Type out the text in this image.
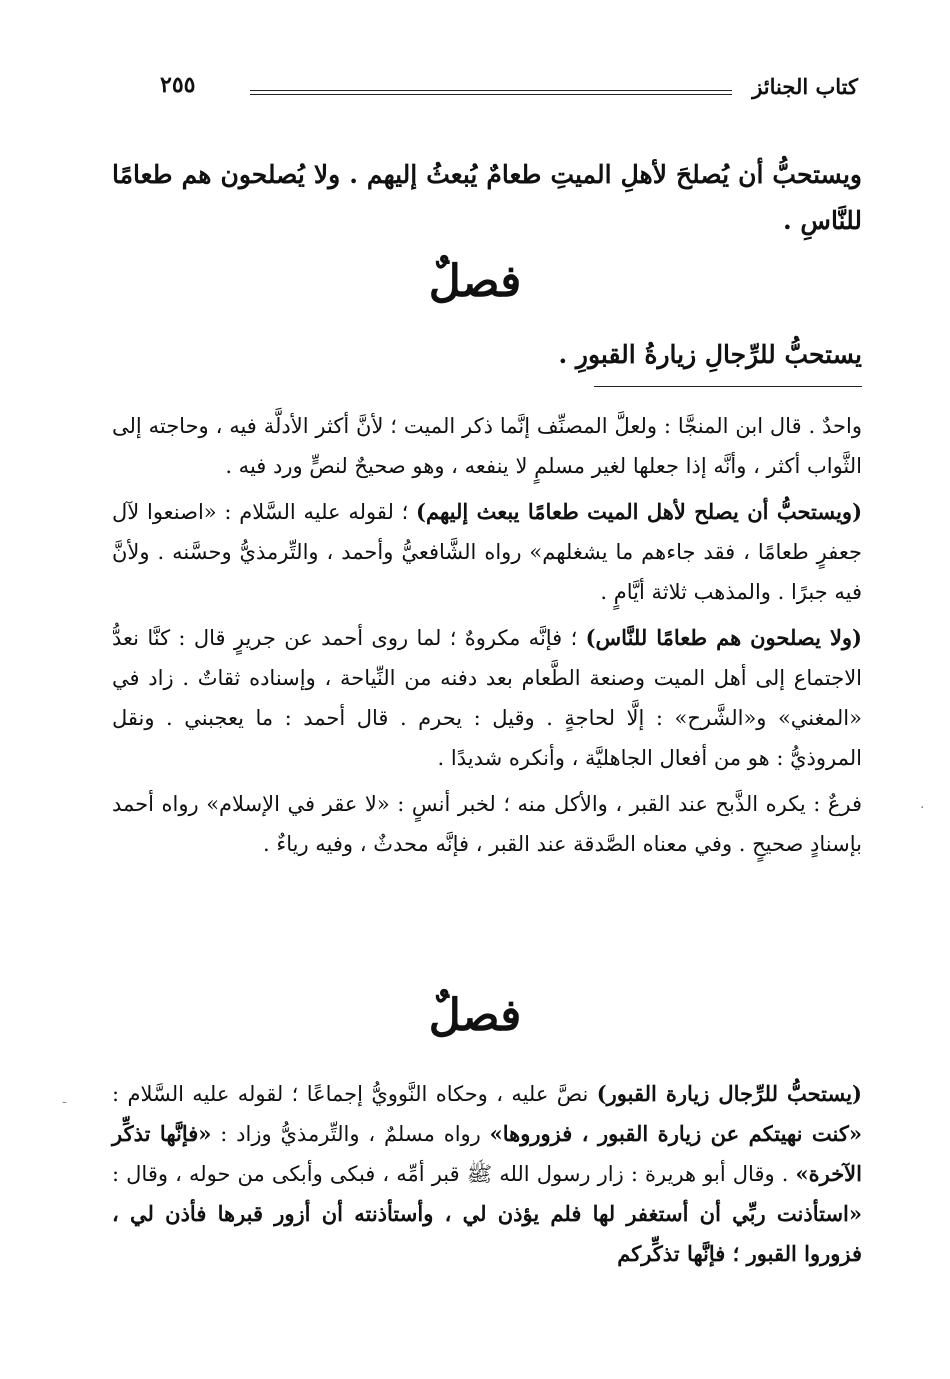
كتاب الجنائز
٢٥٥
ويستحبُّ أن يُصلحَ لأهلِ الميتِ طعامٌ يُبعثُ إليهم . ولا يُصلحون هم طعامًا للنَّاسِ .
فصلٌ
يستحبُّ للرِّجالِ زيارةُ القبورِ .

واحدٌ . قال ابن المنجَّا : ولعلَّ المصنِّف إنَّما ذكر الميت ؛ لأنَّ أكثر الأدلَّة فيه ، وحاجته إلى الثَّواب أكثر ، وأنَّه إذا جعلها لغير مسلمٍ لا ينفعه ، وهو صحيحٌ لنصٍّ ورد فيه .

(ويستحبُّ أن يصلح لأهل الميت طعامًا يبعث إليهم) ؛ لقوله عليه السَّلام : «اصنعوا لآل جعفرٍ طعامًا ، فقد جاءهم ما يشغلهم» رواه الشَّافعيُّ وأحمد ، والتِّرمذيُّ وحسَّنه . ولأنَّ فيه جبرًا . والمذهب ثلاثة أيَّامٍ .

(ولا يصلحون هم طعامًا للنَّاس) ؛ فإنَّه مكروهٌ ؛ لما روى أحمد عن جريرٍ قال : كنَّا نعدُّ الاجتماع إلى أهل الميت وصنعة الطَّعام بعد دفنه من النِّياحة ، وإسناده ثقاتٌ . زاد في «المغني» و«الشَّرح» : إلَّا لحاجةٍ . وقيل : يحرم . قال أحمد : ما يعجبني . ونقل المروذيُّ : هو من أفعال الجاهليَّة ، وأنكره شديدًا .

فرعٌ : يكره الذَّبح عند القبر ، والأكل منه ؛ لخبر أنسٍ : «لا عقر في الإسلام» رواه أحمد بإسنادٍ صحيحٍ . وفي معناه الصَّدقة عند القبر ، فإنَّه محدثٌ ، وفيه رياءٌ .

فصلٌ

(يستحبُّ للرِّجال زيارة القبور) نصَّ عليه ، وحكاه النَّوويُّ إجماعًا ؛ لقوله عليه السَّلام : «كنت نهيتكم عن زيارة القبور ، فزوروها» رواه مسلمٌ ، والتِّرمذيُّ وزاد : «فإنَّها تذكِّر الآخرة» . وقال أبو هريرة : زار رسول الله ﷺ قبر أمِّه ، فبكى وأبكى من حوله ، وقال : «استأذنت ربِّي أن أستغفر لها فلم يؤذن لي ، وأستأذنته أن أزور قبرها فأذن لي ، فزوروا القبور ؛ فإنَّها تذكِّركم

-
·
